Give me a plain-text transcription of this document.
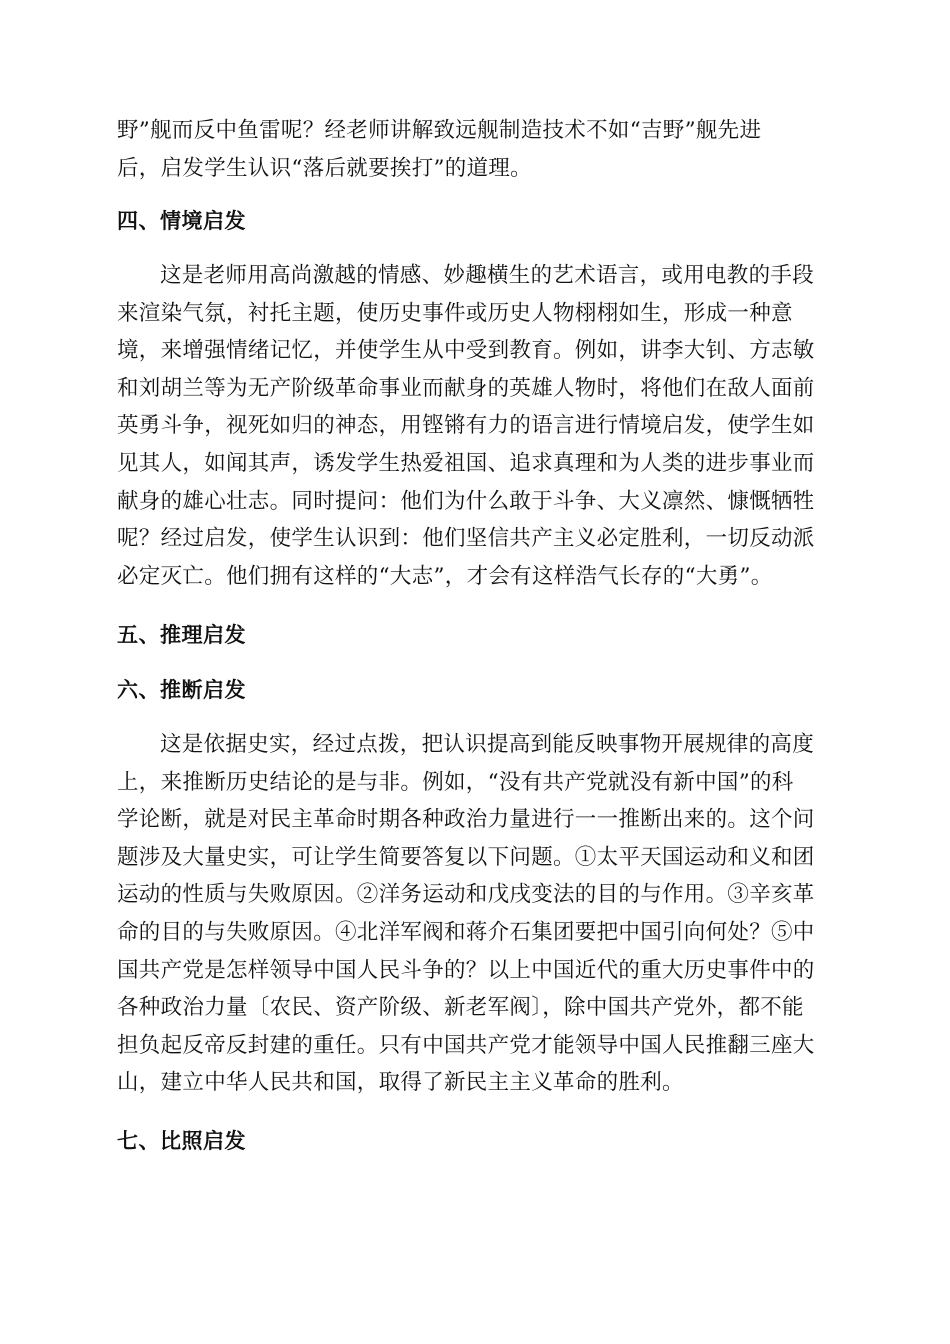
野”舰而反中鱼雷呢？经老师讲解致远舰制造技术不如“吉野”舰先进
后，启发学生认识“落后就要挨打”的道理。
四、情境启发
这是老师用高尚激越的情感、妙趣横生的艺术语言，或用电教的手段
来渲染气氛，衬托主题，使历史事件或历史人物栩栩如生，形成一种意
境，来增强情绪记忆，并使学生从中受到教育。例如，讲李大钊、方志敏
和刘胡兰等为无产阶级革命事业而献身的英雄人物时，将他们在敌人面前
英勇斗争，视死如归的神态，用铿锵有力的语言进行情境启发，使学生如
见其人，如闻其声，诱发学生热爱祖国、追求真理和为人类的进步事业而
献身的雄心壮志。同时提问：他们为什么敢于斗争、大义凛然、慷慨牺牲
呢？经过启发，使学生认识到：他们坚信共产主义必定胜利，一切反动派
必定灭亡。他们拥有这样的“大志”，才会有这样浩气长存的“大勇”。
五、推理启发
六、推断启发
这是依据史实，经过点拨，把认识提高到能反映事物开展规律的高度
上，来推断历史结论的是与非。例如，“没有共产党就没有新中国”的科
学论断，就是对民主革命时期各种政治力量进行一一推断出来的。这个问
题涉及大量史实，可让学生简要答复以下问题。①太平天国运动和义和团
运动的性质与失败原因。②洋务运动和戊戌变法的目的与作用。③辛亥革
命的目的与失败原因。④北洋军阀和蒋介石集团要把中国引向何处？⑤中
国共产党是怎样领导中国人民斗争的？以上中国近代的重大历史事件中的
各种政治力量〔农民、资产阶级、新老军阀〕，除中国共产党外，都不能
担负起反帝反封建的重任。只有中国共产党才能领导中国人民推翻三座大
山，建立中华人民共和国，取得了新民主主义革命的胜利。
七、比照启发
